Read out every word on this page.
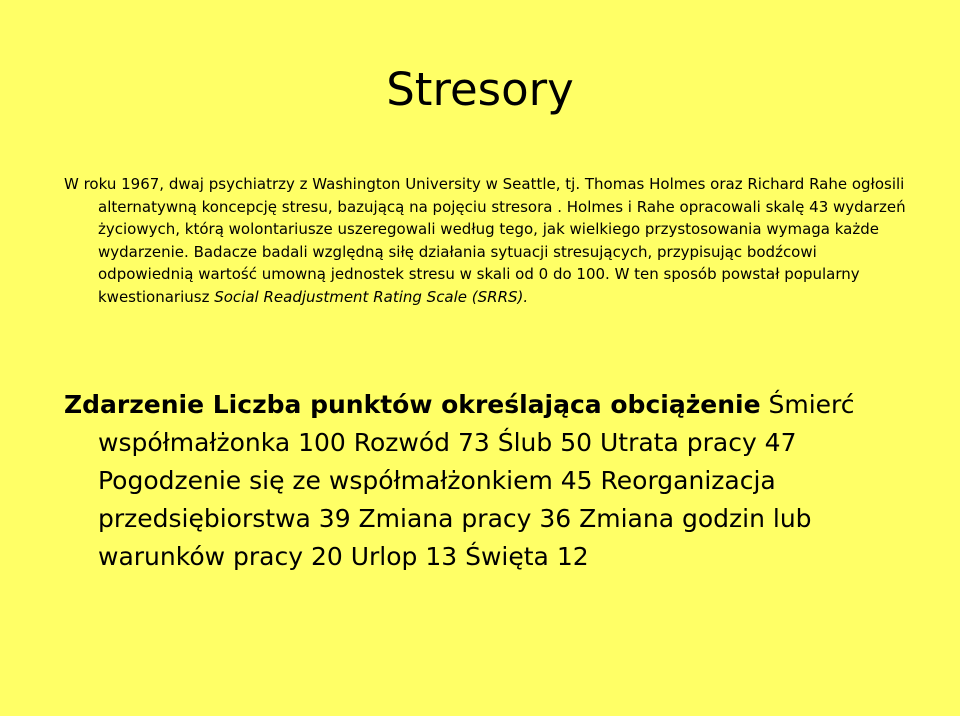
Stresory

W roku 1967, dwaj psychiatrzy z Washington University w Seattle, tj. Thomas Holmes oraz Richard Rahe ogłosili
alternatywną koncepcję stresu, bazującą na pojęciu stresora . Holmes i Rahe opracowali skalę 43 wydarzeń życiowych, którą wolontariusze uszeregowali według tego, jak wielkiego przystosowania wymaga każde wydarzenie. Badacze badali względną siłę działania sytuacji stresujących, przypisując bodźcowi odpowiednią wartość umowną jednostek stresu w skali od 0 do 100. W ten sposób powstał popularny kwestionariusz Social Readjustment Rating Scale (SRRS).

Zdarzenie Liczba punktów określająca obciążenie Śmierć współmałżonka 100 Rozwód 73 Ślub 50 Utrata pracy 47 Pogodzenie się ze współmałżonkiem 45 Reorganizacja przedsiębiorstwa 39 Zmiana pracy 36 Zmiana godzin lub warunków pracy 20 Urlop 13 Święta 12
